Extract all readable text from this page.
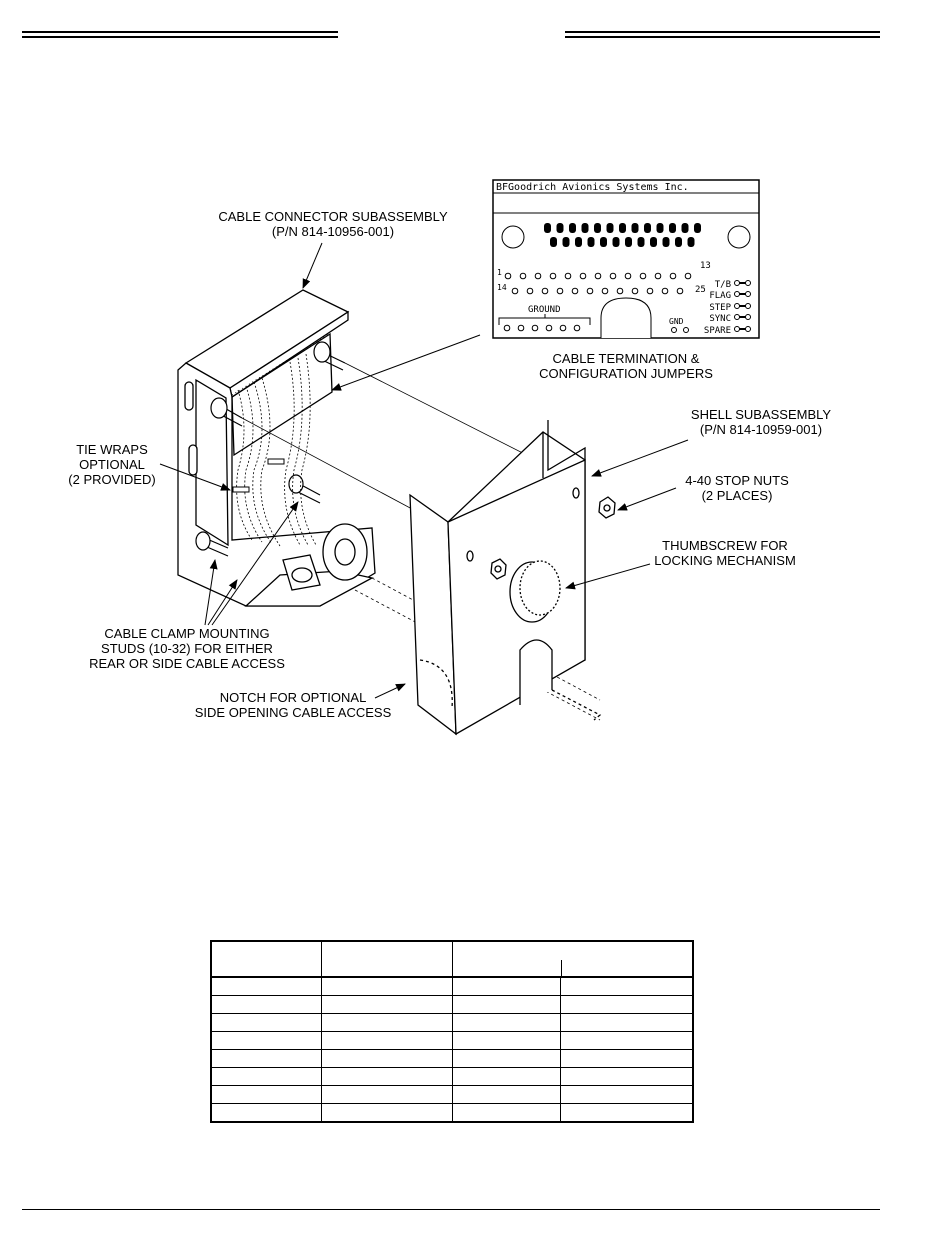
BFGoodrich Avionics Systems Inc.
1
13
14	25
GROUND
GND
T/B
FLAG
STEP
SYNC
SPARE
CABLE CONNECTOR SUBASSEMBLY
(P/N 814-10956-001)
CABLE TERMINATION &
CONFIGURATION JUMPERS
SHELL SUBASSEMBLY
(P/N 814-10959-001)
TIE WRAPS
OPTIONAL
(2 PROVIDED)	4-40 STOP NUTS
(2 PLACES)
THUMBSCREW FOR
LOCKING MECHANISM
CABLE CLAMP MOUNTING
STUDS (10-32) FOR EITHER
REAR OR SIDE CABLE ACCESS
NOTCH FOR OPTIONAL
SIDE OPENING CABLE ACCESS
